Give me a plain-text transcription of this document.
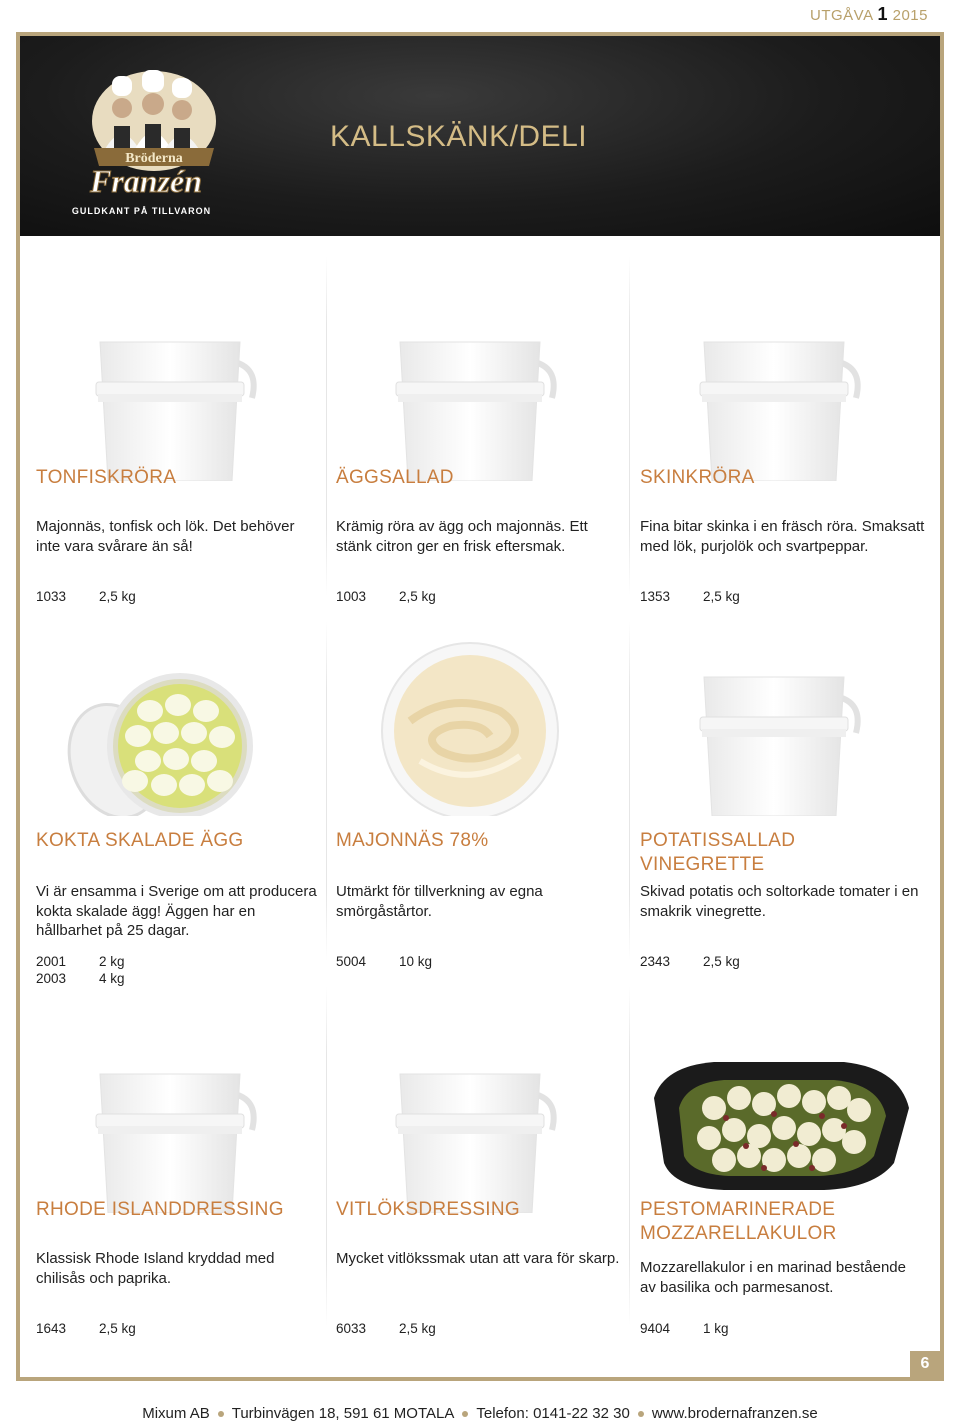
UTGÅVA 1 2015
Bröderna
Franzén
GULDKANT PÅ TILLVARON
KALLSKÄNK/DELI
TONFISKRÖRA
Majonnäs, tonfisk och lök. Det behöver inte vara svårare än så!
1033 2,5 kg
ÄGGSALLAD
Krämig röra av ägg och majonnäs. Ett stänk citron ger en frisk eftersmak.
1003 2,5 kg
SKINKRÖRA
Fina bitar skinka i en fräsch röra. Smaksatt med lök, purjolök och svartpeppar.
1353 2,5 kg
KOKTA SKALADE ÄGG
Vi är ensamma i Sverige om att producera kokta skalade ägg! Äggen har en hållbarhet på 25 dagar.
2001 2 kg
2003 4 kg
MAJONNÄS 78%
Utmärkt för tillverkning av egna smörgåstårtor.
5004 10 kg
POTATISSALLAD VINEGRETTE
Skivad potatis och soltorkade tomater i en smakrik vinegrette.
2343 2,5 kg
RHODE ISLANDDRESSING
Klassisk Rhode Island kryddad med chilisås och paprika.
1643 2,5 kg
VITLÖKSDRESSING
Mycket vitlökssmak utan att vara för skarp.
6033 2,5 kg
PESTOMARINERADE MOZZARELLAKULOR
Mozzarellakulor i en marinad bestående av basilika och parmesanost.
9404 1 kg
6
Mixum AB Turbinvägen 18, 591 61 MOTALA Telefon: 0141-22 32 30 www.brodernafranzen.se
